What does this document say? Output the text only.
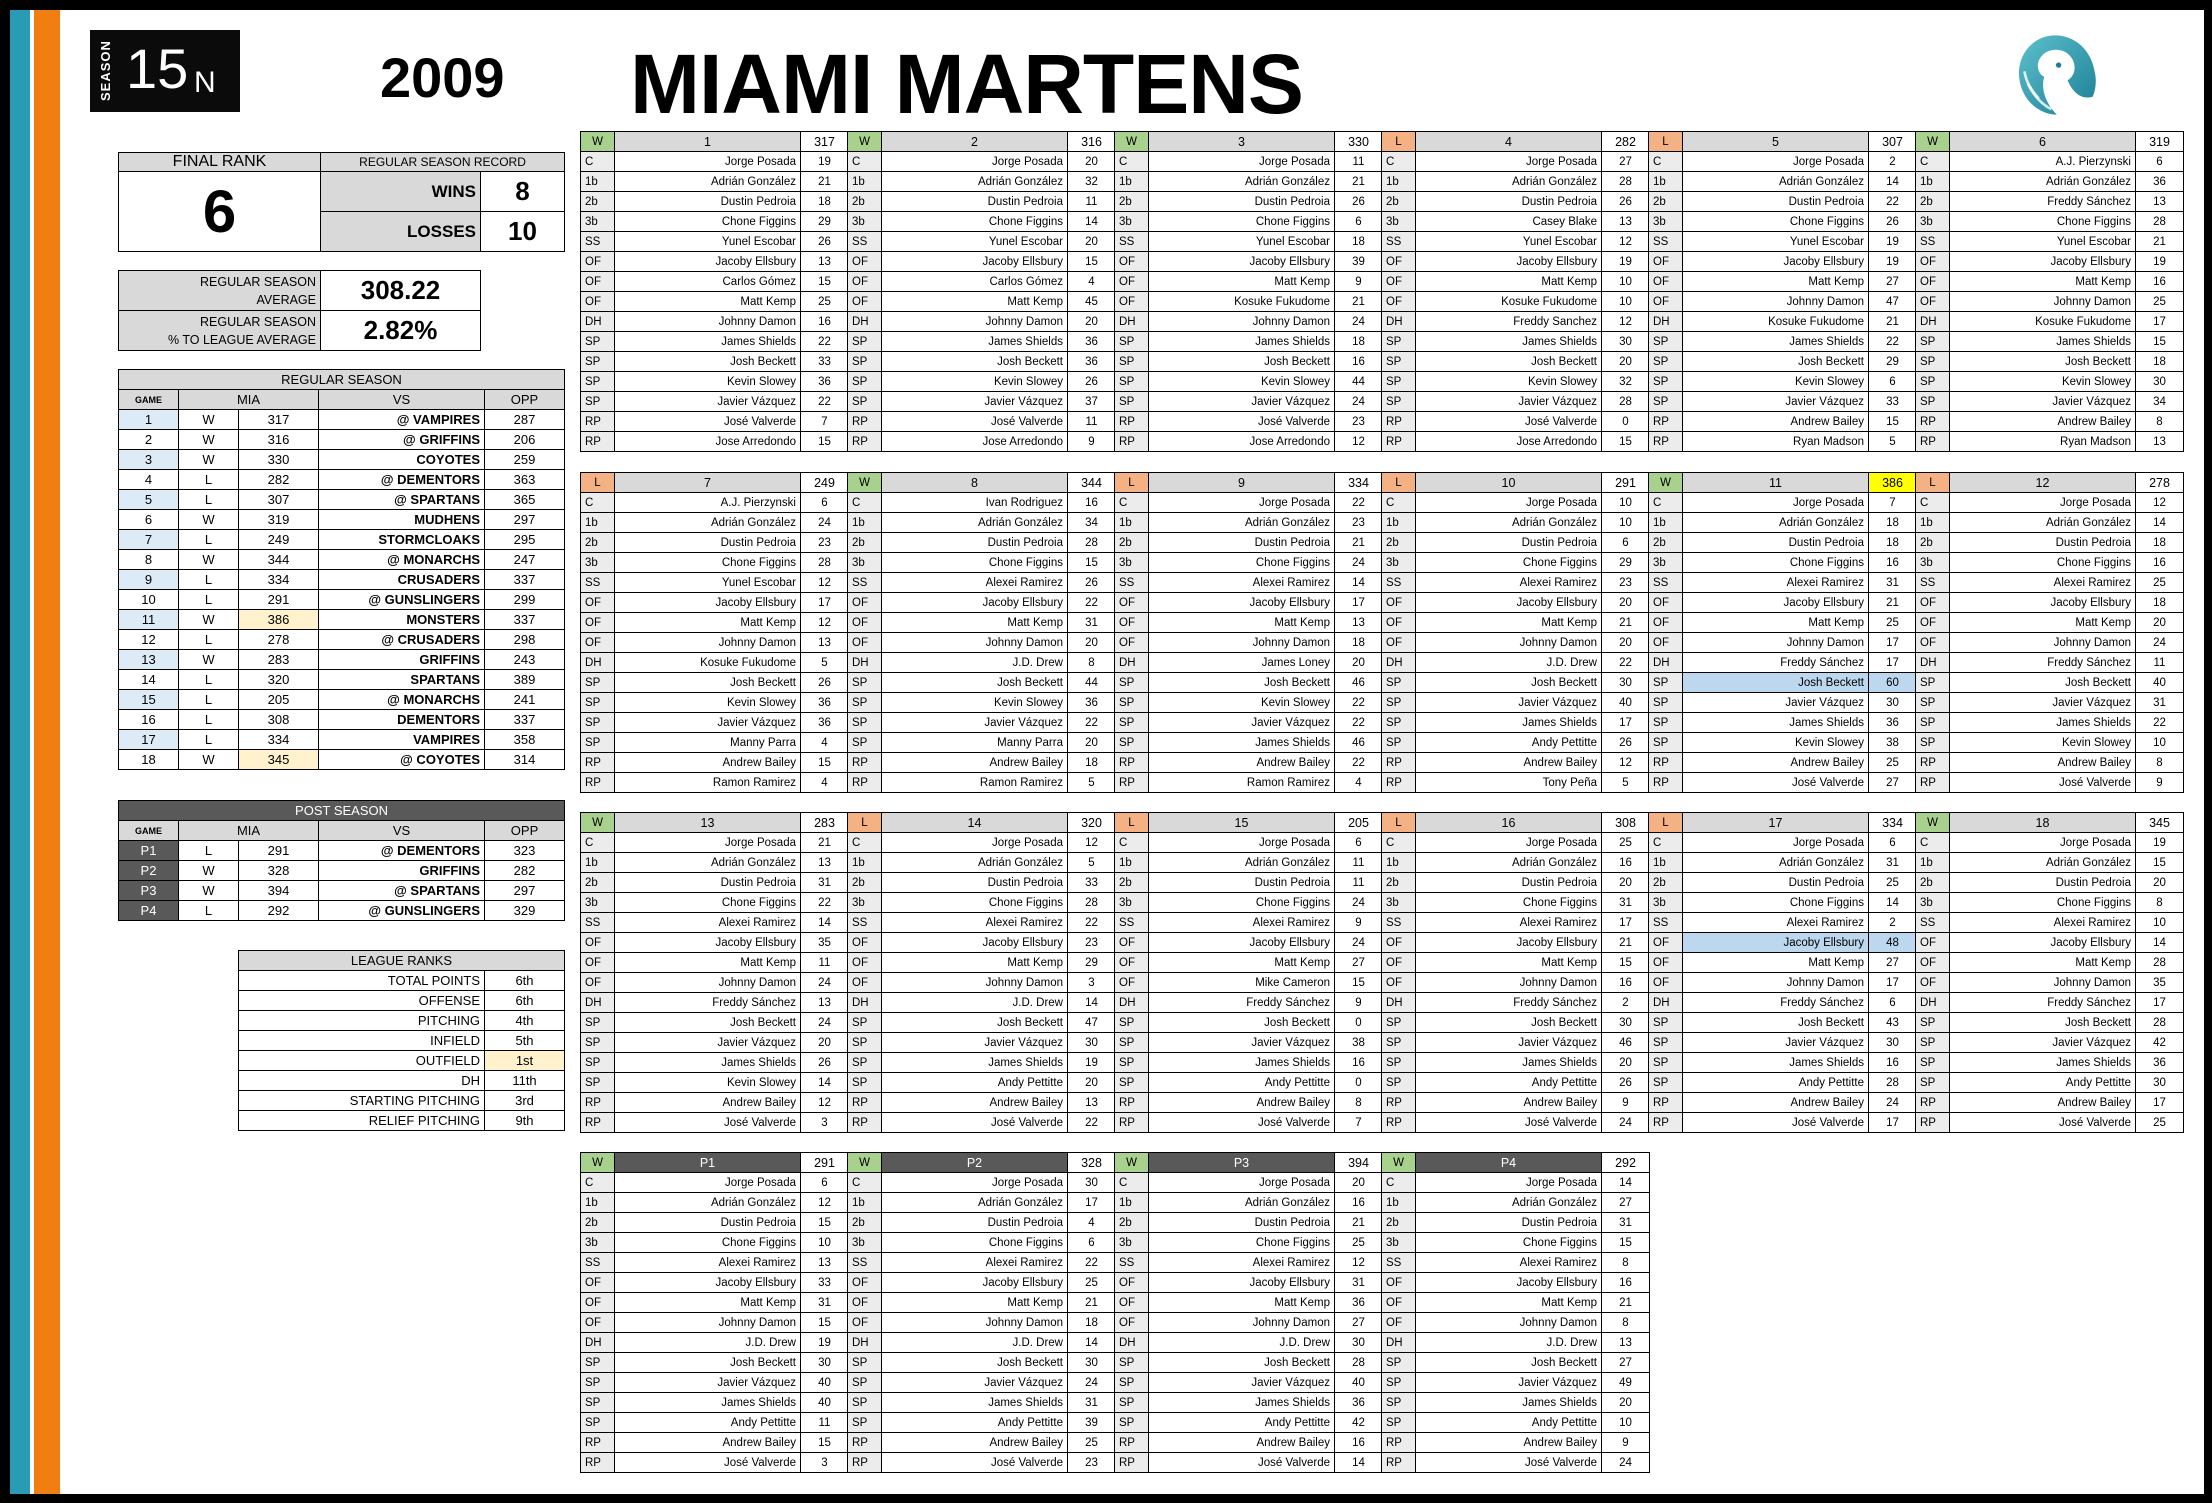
SEASON 15 N	2009 MIAMI MARTENS
FINAL RANK	REGULAR SEASON RECORD	
6	WINS	8
	LOSSES	10
REGULAR SEASON
AVERAGE	308.22
REGULAR SEASON
% TO LEAGUE AVERAGE	2.82%
REGULAR SEASON				
GAME	MIA		VS	OPP
1	W	317	@ VAMPIRES	287
2	W	316	@ GRIFFINS	206
3	W	330	COYOTES	259
4	L	282	@ DEMENTORS	363
5	L	307	@ SPARTANS	365
6	W	319	MUDHENS	297
7	L	249	STORMCLOAKS	295
8	W	344	@ MONARCHS	247
9	L	334	CRUSADERS	337
10	L	291	@ GUNSLINGERS	299
11	W	386	MONSTERS	337
12	L	278	@ CRUSADERS	298
13	W	283	GRIFFINS	243
14	L	320	SPARTANS	389
15	L	205	@ MONARCHS	241
16	L	308	DEMENTORS	337
17	L	334	VAMPIRES	358
18	W	345	@ COYOTES	314
POST SEASON				
GAME	MIA		VS	OPP
P1	L	291	@ DEMENTORS	323
P2	W	328	GRIFFINS	282
P3	W	394	@ SPARTANS	297
P4	L	292	@ GUNSLINGERS	329
LEAGUE RANKS	
TOTAL POINTS	6th
OFFENSE	6th
PITCHING	4th
INFIELD	5th
OUTFIELD	1st
DH	11th
STARTING PITCHING	3rd
RELIEF PITCHING	9th
W	1	317
C	Jorge Posada	19
1b	Adrián González	21
2b	Dustin Pedroia	18
3b	Chone Figgins	29
SS	Yunel Escobar	26
OF	Jacoby Ellsbury	13
OF	Carlos Gómez	15
OF	Matt Kemp	25
DH	Johnny Damon	16
SP	James Shields	22
SP	Josh Beckett	33
SP	Kevin Slowey	36
SP	Javier Vázquez	22
RP	José Valverde	7
RP	Jose Arredondo	15
W	2	316
C	Jorge Posada	20
1b	Adrián González	32
2b	Dustin Pedroia	11
3b	Chone Figgins	14
SS	Yunel Escobar	20
OF	Jacoby Ellsbury	15
OF	Carlos Gómez	4
OF	Matt Kemp	45
DH	Johnny Damon	20
SP	James Shields	36
SP	Josh Beckett	36
SP	Kevin Slowey	26
SP	Javier Vázquez	37
RP	José Valverde	11
RP	Jose Arredondo	9
W	3	330
C	Jorge Posada	11
1b	Adrián González	21
2b	Dustin Pedroia	26
3b	Chone Figgins	6
SS	Yunel Escobar	18
OF	Jacoby Ellsbury	39
OF	Matt Kemp	9
OF	Kosuke Fukudome	21
DH	Johnny Damon	24
SP	James Shields	18
SP	Josh Beckett	16
SP	Kevin Slowey	44
SP	Javier Vázquez	24
RP	José Valverde	23
RP	Jose Arredondo	12
L	4	282
C	Jorge Posada	27
1b	Adrián González	28
2b	Dustin Pedroia	26
3b	Casey Blake	13
SS	Yunel Escobar	12
OF	Jacoby Ellsbury	19
OF	Matt Kemp	10
OF	Kosuke Fukudome	10
DH	Freddy Sanchez	12
SP	James Shields	30
SP	Josh Beckett	20
SP	Kevin Slowey	32
SP	Javier Vázquez	28
RP	José Valverde	0
RP	Jose Arredondo	15
L	5	307
C	Jorge Posada	2
1b	Adrián González	14
2b	Dustin Pedroia	22
3b	Chone Figgins	26
SS	Yunel Escobar	19
OF	Jacoby Ellsbury	19
OF	Matt Kemp	27
OF	Johnny Damon	47
DH	Kosuke Fukudome	21
SP	James Shields	22
SP	Josh Beckett	29
SP	Kevin Slowey	6
SP	Javier Vázquez	33
RP	Andrew Bailey	15
RP	Ryan Madson	5
W	6	319
C	A.J. Pierzynski	6
1b	Adrián González	36
2b	Freddy Sánchez	13
3b	Chone Figgins	28
SS	Yunel Escobar	21
OF	Jacoby Ellsbury	19
OF	Matt Kemp	16
OF	Johnny Damon	25
DH	Kosuke Fukudome	17
SP	James Shields	15
SP	Josh Beckett	18
SP	Kevin Slowey	30
SP	Javier Vázquez	34
RP	Andrew Bailey	8
RP	Ryan Madson	13
L	7	249
C	A.J. Pierzynski	6
1b	Adrián González	24
2b	Dustin Pedroia	23
3b	Chone Figgins	28
SS	Yunel Escobar	12
OF	Jacoby Ellsbury	17
OF	Matt Kemp	12
OF	Johnny Damon	13
DH	Kosuke Fukudome	5
SP	Josh Beckett	26
SP	Kevin Slowey	36
SP	Javier Vázquez	36
SP	Manny Parra	4
RP	Andrew Bailey	15
RP	Ramon Ramirez	4
W	8	344
C	Ivan Rodriguez	16
1b	Adrián González	34
2b	Dustin Pedroia	28
3b	Chone Figgins	15
SS	Alexei Ramirez	26
OF	Jacoby Ellsbury	22
OF	Matt Kemp	31
OF	Johnny Damon	20
DH	J.D. Drew	8
SP	Josh Beckett	44
SP	Kevin Slowey	36
SP	Javier Vázquez	22
SP	Manny Parra	20
RP	Andrew Bailey	18
RP	Ramon Ramirez	5
L	9	334
C	Jorge Posada	22
1b	Adrián González	23
2b	Dustin Pedroia	21
3b	Chone Figgins	24
SS	Alexei Ramirez	14
OF	Jacoby Ellsbury	17
OF	Matt Kemp	13
OF	Johnny Damon	18
DH	James Loney	20
SP	Josh Beckett	46
SP	Kevin Slowey	22
SP	Javier Vázquez	22
SP	James Shields	46
RP	Andrew Bailey	22
RP	Ramon Ramirez	4
L	10	291
C	Jorge Posada	10
1b	Adrián González	10
2b	Dustin Pedroia	6
3b	Chone Figgins	29
SS	Alexei Ramirez	23
OF	Jacoby Ellsbury	20
OF	Matt Kemp	21
OF	Johnny Damon	20
DH	J.D. Drew	22
SP	Josh Beckett	30
SP	Javier Vázquez	40
SP	James Shields	17
SP	Andy Pettitte	26
RP	Andrew Bailey	12
RP	Tony Peña	5
W	11	386
C	Jorge Posada	7
1b	Adrián González	18
2b	Dustin Pedroia	18
3b	Chone Figgins	16
SS	Alexei Ramirez	31
OF	Jacoby Ellsbury	21
OF	Matt Kemp	25
OF	Johnny Damon	17
DH	Freddy Sánchez	17
SP	Josh Beckett	60
SP	Javier Vázquez	30
SP	James Shields	36
SP	Kevin Slowey	38
RP	Andrew Bailey	25
RP	José Valverde	27
L	12	278
C	Jorge Posada	12
1b	Adrián González	14
2b	Dustin Pedroia	18
3b	Chone Figgins	16
SS	Alexei Ramirez	25
OF	Jacoby Ellsbury	18
OF	Matt Kemp	20
OF	Johnny Damon	24
DH	Freddy Sánchez	11
SP	Josh Beckett	40
SP	Javier Vázquez	31
SP	James Shields	22
SP	Kevin Slowey	10
RP	Andrew Bailey	8
RP	José Valverde	9
W	13	283
C	Jorge Posada	21
1b	Adrián González	13
2b	Dustin Pedroia	31
3b	Chone Figgins	22
SS	Alexei Ramirez	14
OF	Jacoby Ellsbury	35
OF	Matt Kemp	11
OF	Johnny Damon	24
DH	Freddy Sánchez	13
SP	Josh Beckett	24
SP	Javier Vázquez	20
SP	James Shields	26
SP	Kevin Slowey	14
RP	Andrew Bailey	12
RP	José Valverde	3
L	14	320
C	Jorge Posada	12
1b	Adrián González	5
2b	Dustin Pedroia	33
3b	Chone Figgins	28
SS	Alexei Ramirez	22
OF	Jacoby Ellsbury	23
OF	Matt Kemp	29
OF	Johnny Damon	3
DH	J.D. Drew	14
SP	Josh Beckett	47
SP	Javier Vázquez	30
SP	James Shields	19
SP	Andy Pettitte	20
RP	Andrew Bailey	13
RP	José Valverde	22
L	15	205
C	Jorge Posada	6
1b	Adrián González	11
2b	Dustin Pedroia	11
3b	Chone Figgins	24
SS	Alexei Ramirez	9
OF	Jacoby Ellsbury	24
OF	Matt Kemp	27
OF	Mike Cameron	15
DH	Freddy Sánchez	9
SP	Josh Beckett	0
SP	Javier Vázquez	38
SP	James Shields	16
SP	Andy Pettitte	0
RP	Andrew Bailey	8
RP	José Valverde	7
L	16	308
C	Jorge Posada	25
1b	Adrián González	16
2b	Dustin Pedroia	20
3b	Chone Figgins	31
SS	Alexei Ramirez	17
OF	Jacoby Ellsbury	21
OF	Matt Kemp	15
OF	Johnny Damon	16
DH	Freddy Sánchez	2
SP	Josh Beckett	30
SP	Javier Vázquez	46
SP	James Shields	20
SP	Andy Pettitte	26
RP	Andrew Bailey	9
RP	José Valverde	24
L	17	334
C	Jorge Posada	6
1b	Adrián González	31
2b	Dustin Pedroia	25
3b	Chone Figgins	14
SS	Alexei Ramirez	2
OF	Jacoby Ellsbury	48
OF	Matt Kemp	27
OF	Johnny Damon	17
DH	Freddy Sánchez	6
SP	Josh Beckett	43
SP	Javier Vázquez	30
SP	James Shields	16
SP	Andy Pettitte	28
RP	Andrew Bailey	24
RP	José Valverde	17
W	18	345
C	Jorge Posada	19
1b	Adrián González	15
2b	Dustin Pedroia	20
3b	Chone Figgins	8
SS	Alexei Ramirez	10
OF	Jacoby Ellsbury	14
OF	Matt Kemp	28
OF	Johnny Damon	35
DH	Freddy Sánchez	17
SP	Josh Beckett	28
SP	Javier Vázquez	42
SP	James Shields	36
SP	Andy Pettitte	30
RP	Andrew Bailey	17
RP	José Valverde	25
W	P1	291
C	Jorge Posada	6
1b	Adrián González	12
2b	Dustin Pedroia	15
3b	Chone Figgins	10
SS	Alexei Ramirez	13
OF	Jacoby Ellsbury	33
OF	Matt Kemp	31
OF	Johnny Damon	15
DH	J.D. Drew	19
SP	Josh Beckett	30
SP	Javier Vázquez	40
SP	James Shields	40
SP	Andy Pettitte	11
RP	Andrew Bailey	15
RP	José Valverde	3
W	P2	328
C	Jorge Posada	30
1b	Adrián González	17
2b	Dustin Pedroia	4
3b	Chone Figgins	6
SS	Alexei Ramirez	22
OF	Jacoby Ellsbury	25
OF	Matt Kemp	21
OF	Johnny Damon	18
DH	J.D. Drew	14
SP	Josh Beckett	30
SP	Javier Vázquez	24
SP	James Shields	31
SP	Andy Pettitte	39
RP	Andrew Bailey	25
RP	José Valverde	23
W	P3	394
C	Jorge Posada	20
1b	Adrián González	16
2b	Dustin Pedroia	21
3b	Chone Figgins	25
SS	Alexei Ramirez	12
OF	Jacoby Ellsbury	31
OF	Matt Kemp	36
OF	Johnny Damon	27
DH	J.D. Drew	30
SP	Josh Beckett	28
SP	Javier Vázquez	40
SP	James Shields	36
SP	Andy Pettitte	42
RP	Andrew Bailey	16
RP	José Valverde	14
W	P4	292
C	Jorge Posada	14
1b	Adrián González	27
2b	Dustin Pedroia	31
3b	Chone Figgins	15
SS	Alexei Ramirez	8
OF	Jacoby Ellsbury	16
OF	Matt Kemp	21
OF	Johnny Damon	8
DH	J.D. Drew	13
SP	Josh Beckett	27
SP	Javier Vázquez	49
SP	James Shields	20
SP	Andy Pettitte	10
RP	Andrew Bailey	9
RP	José Valverde	24
